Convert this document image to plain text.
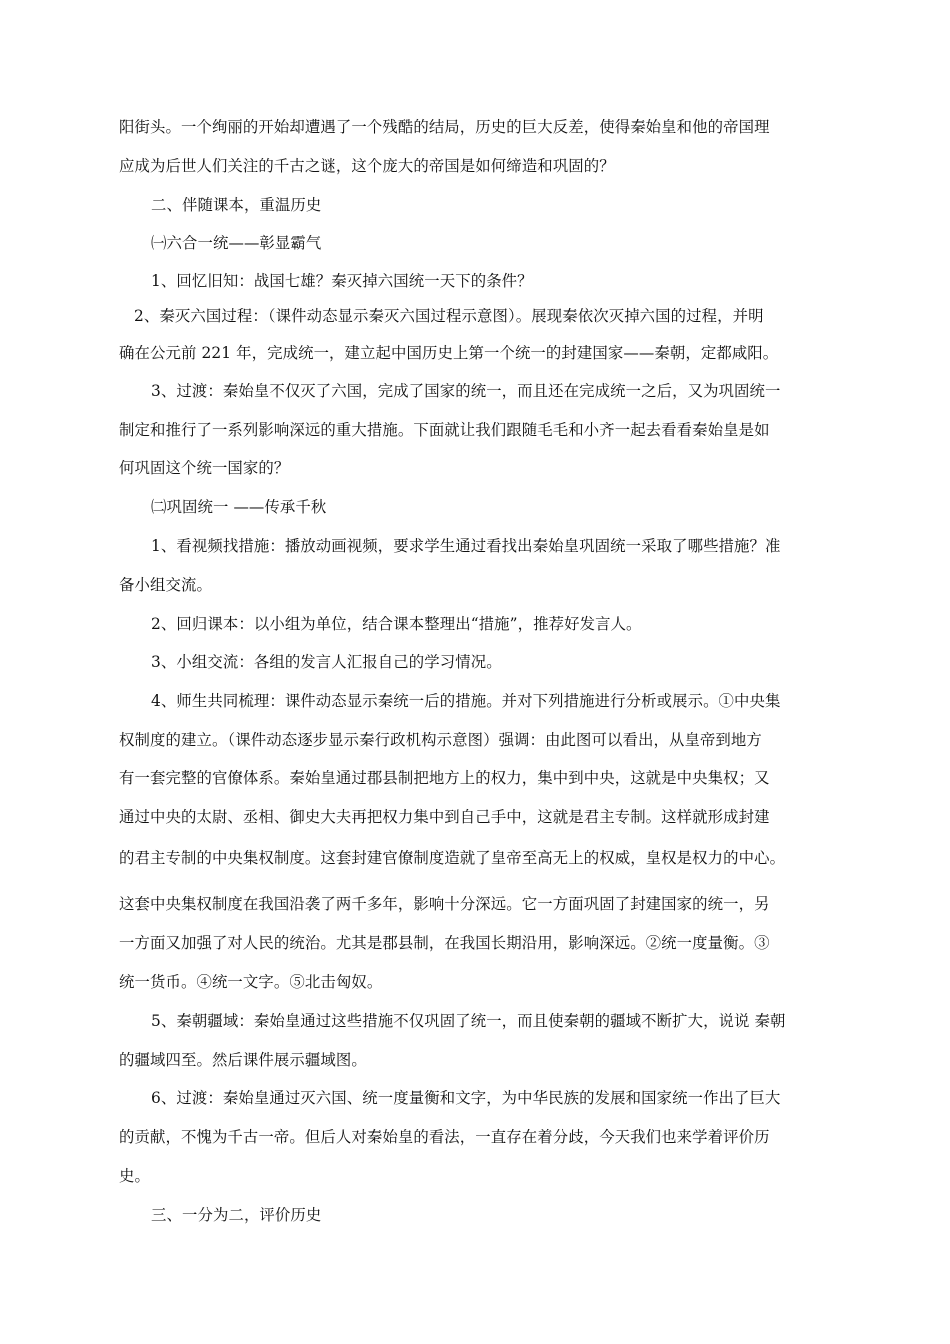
阳街头。一个绚丽的开始却遭遇了一个残酷的结局，历史的巨大反差，使得秦始皇和他的帝国理
应成为后世人们关注的千古之谜，这个庞大的帝国是如何缔造和巩固的？
二、伴随课本，重温历史
㈠六合一统——彰显霸气
1、回忆旧知：战国七雄？秦灭掉六国统一天下的条件？
2、秦灭六国过程：（课件动态显示秦灭六国过程示意图）。展现秦依次灭掉六国的过程，并明
确在公元前 221 年，完成统一，建立起中国历史上第一个统一的封建国家——秦朝，定都咸阳。
3、过渡：秦始皇不仅灭了六国，完成了国家的统一，而且还在完成统一之后，又为巩固统一
制定和推行了一系列影响深远的重大措施。下面就让我们跟随毛毛和小齐一起去看看秦始皇是如
何巩固这个统一国家的？
㈡巩固统一 ——传承千秋
1、看视频找措施：播放动画视频，要求学生通过看找出秦始皇巩固统一采取了哪些措施？准
备小组交流。
2、回归课本：以小组为单位，结合课本整理出“措施”，推荐好发言人。
3、小组交流：各组的发言人汇报自己的学习情况。
4、师生共同梳理：课件动态显示秦统一后的措施。并对下列措施进行分析或展示。①中央集
权制度的建立。（课件动态逐步显示秦行政机构示意图）强调：由此图可以看出，从皇帝到地方
有一套完整的官僚体系。秦始皇通过郡县制把地方上的权力，集中到中央，这就是中央集权；又
通过中央的太尉、丞相、御史大夫再把权力集中到自己手中，这就是君主专制。这样就形成封建
的君主专制的中央集权制度。这套封建官僚制度造就了皇帝至高无上的权威，皇权是权力的中心。
这套中央集权制度在我国沿袭了两千多年，影响十分深远。它一方面巩固了封建国家的统一，另
一方面又加强了对人民的统治。尤其是郡县制，在我国长期沿用，影响深远。②统一度量衡。③
统一货币。④统一文字。⑤北击匈奴。
5、秦朝疆域：秦始皇通过这些措施不仅巩固了统一，而且使秦朝的疆域不断扩大，说说 秦朝
的疆域四至。然后课件展示疆域图。
6、过渡：秦始皇通过灭六国、统一度量衡和文字，为中华民族的发展和国家统一作出了巨大
的贡献，不愧为千古一帝。但后人对秦始皇的看法，一直存在着分歧，今天我们也来学着评价历
史。
三、一分为二，评价历史
